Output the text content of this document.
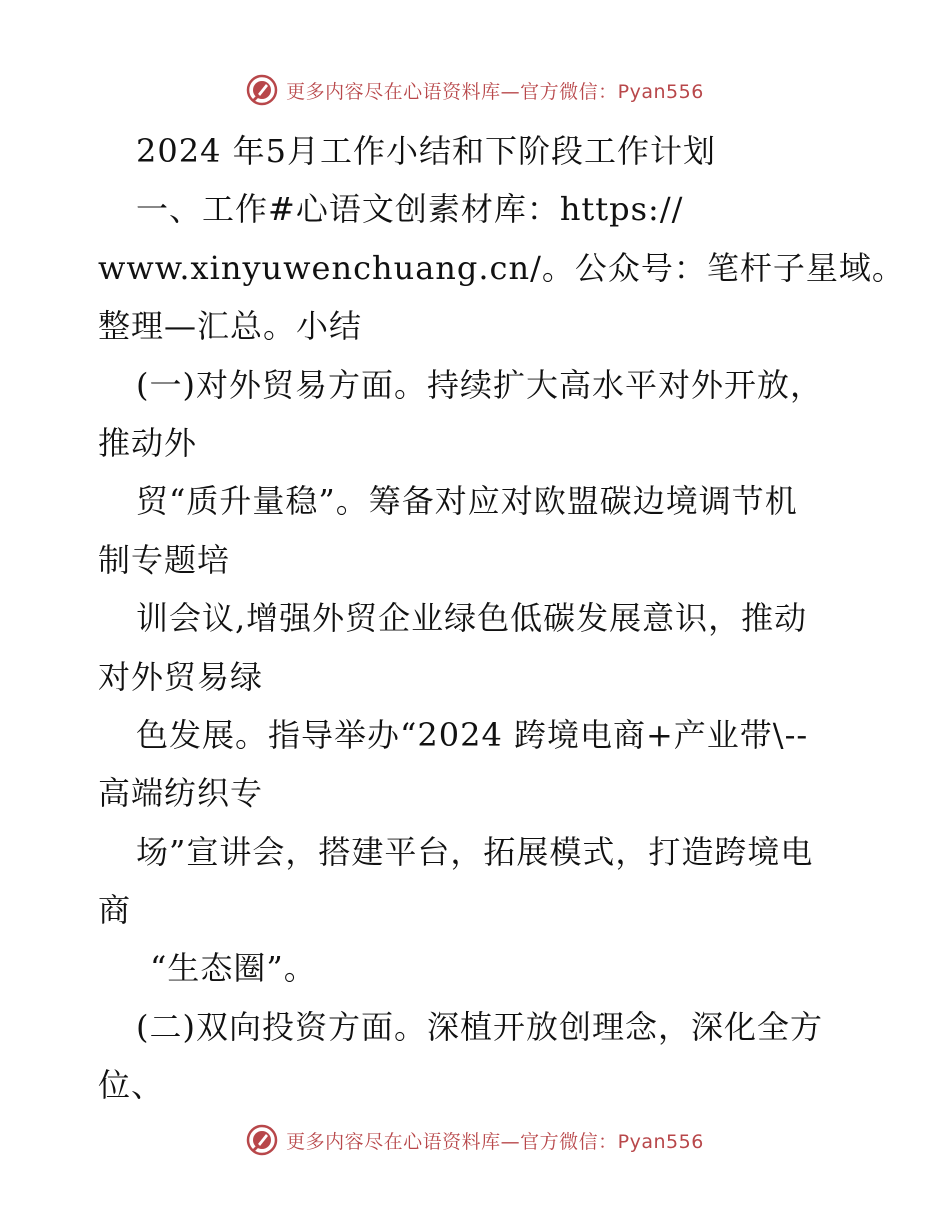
更多内容尽在心语资料库—官方微信：Pyan556
2024 年5月工作小结和下阶段工作计划
一、工作#心语文创素材库：https://
www.xinyuwenchuang.cn/。公众号：笔杆子星域。
整理—汇总。小结
(一)对外贸易方面。持续扩大高水平对外开放，
推动外
贸“质升量稳”。筹备对应对欧盟碳边境调节机
制专题培
训会议,增强外贸企业绿色低碳发展意识，推动
对外贸易绿
色发展。指导举办“2024 跨境电商+产业带\--
高端纺织专
场”宣讲会，搭建平台，拓展模式，打造跨境电
商
“生态圈”。
(二)双向投资方面。深植开放创理念，深化全方
位、
更多内容尽在心语资料库—官方微信：Pyan556
